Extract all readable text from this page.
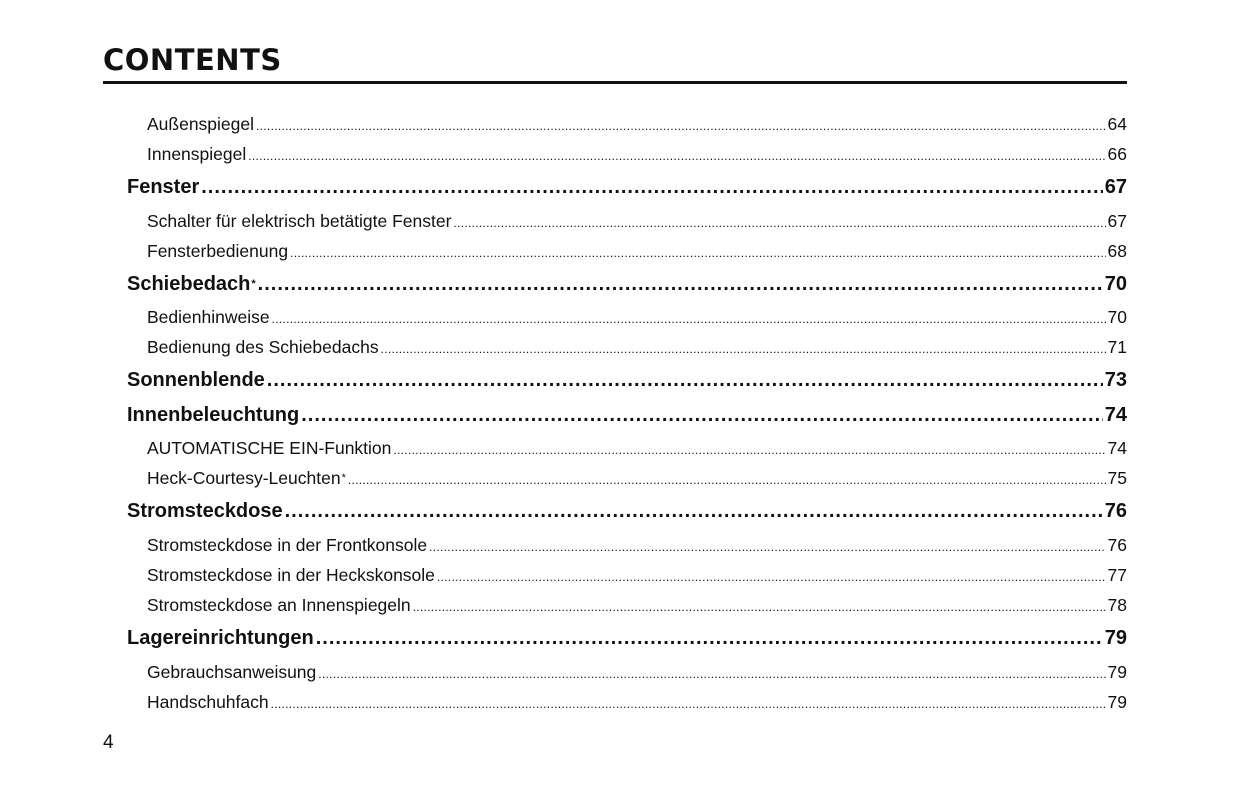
CONTENTS
Außenspiegel .....	64
Innenspiegel .....	66
Fenster .....	67
Schalter für elektrisch betätigte Fenster .....	67
Fensterbedienung .....	68
Schiebedach* .....	70
Bedienhinweise .....	70
Bedienung des Schiebedachs .....	71
Sonnenblende .....	73
Innenbeleuchtung .....	74
AUTOMATISCHE EIN-Funktion .....	74
Heck-Courtesy-Leuchten* .....	75
Stromsteckdose .....	76
Stromsteckdose in der Frontkonsole .....	76
Stromsteckdose in der Heckskonsole .....	77
Stromsteckdose an Innenspiegeln .....	78
Lagereinrichtungen .....	79
Gebrauchsanweisung .....	79
Handschuhfach .....	79
4
